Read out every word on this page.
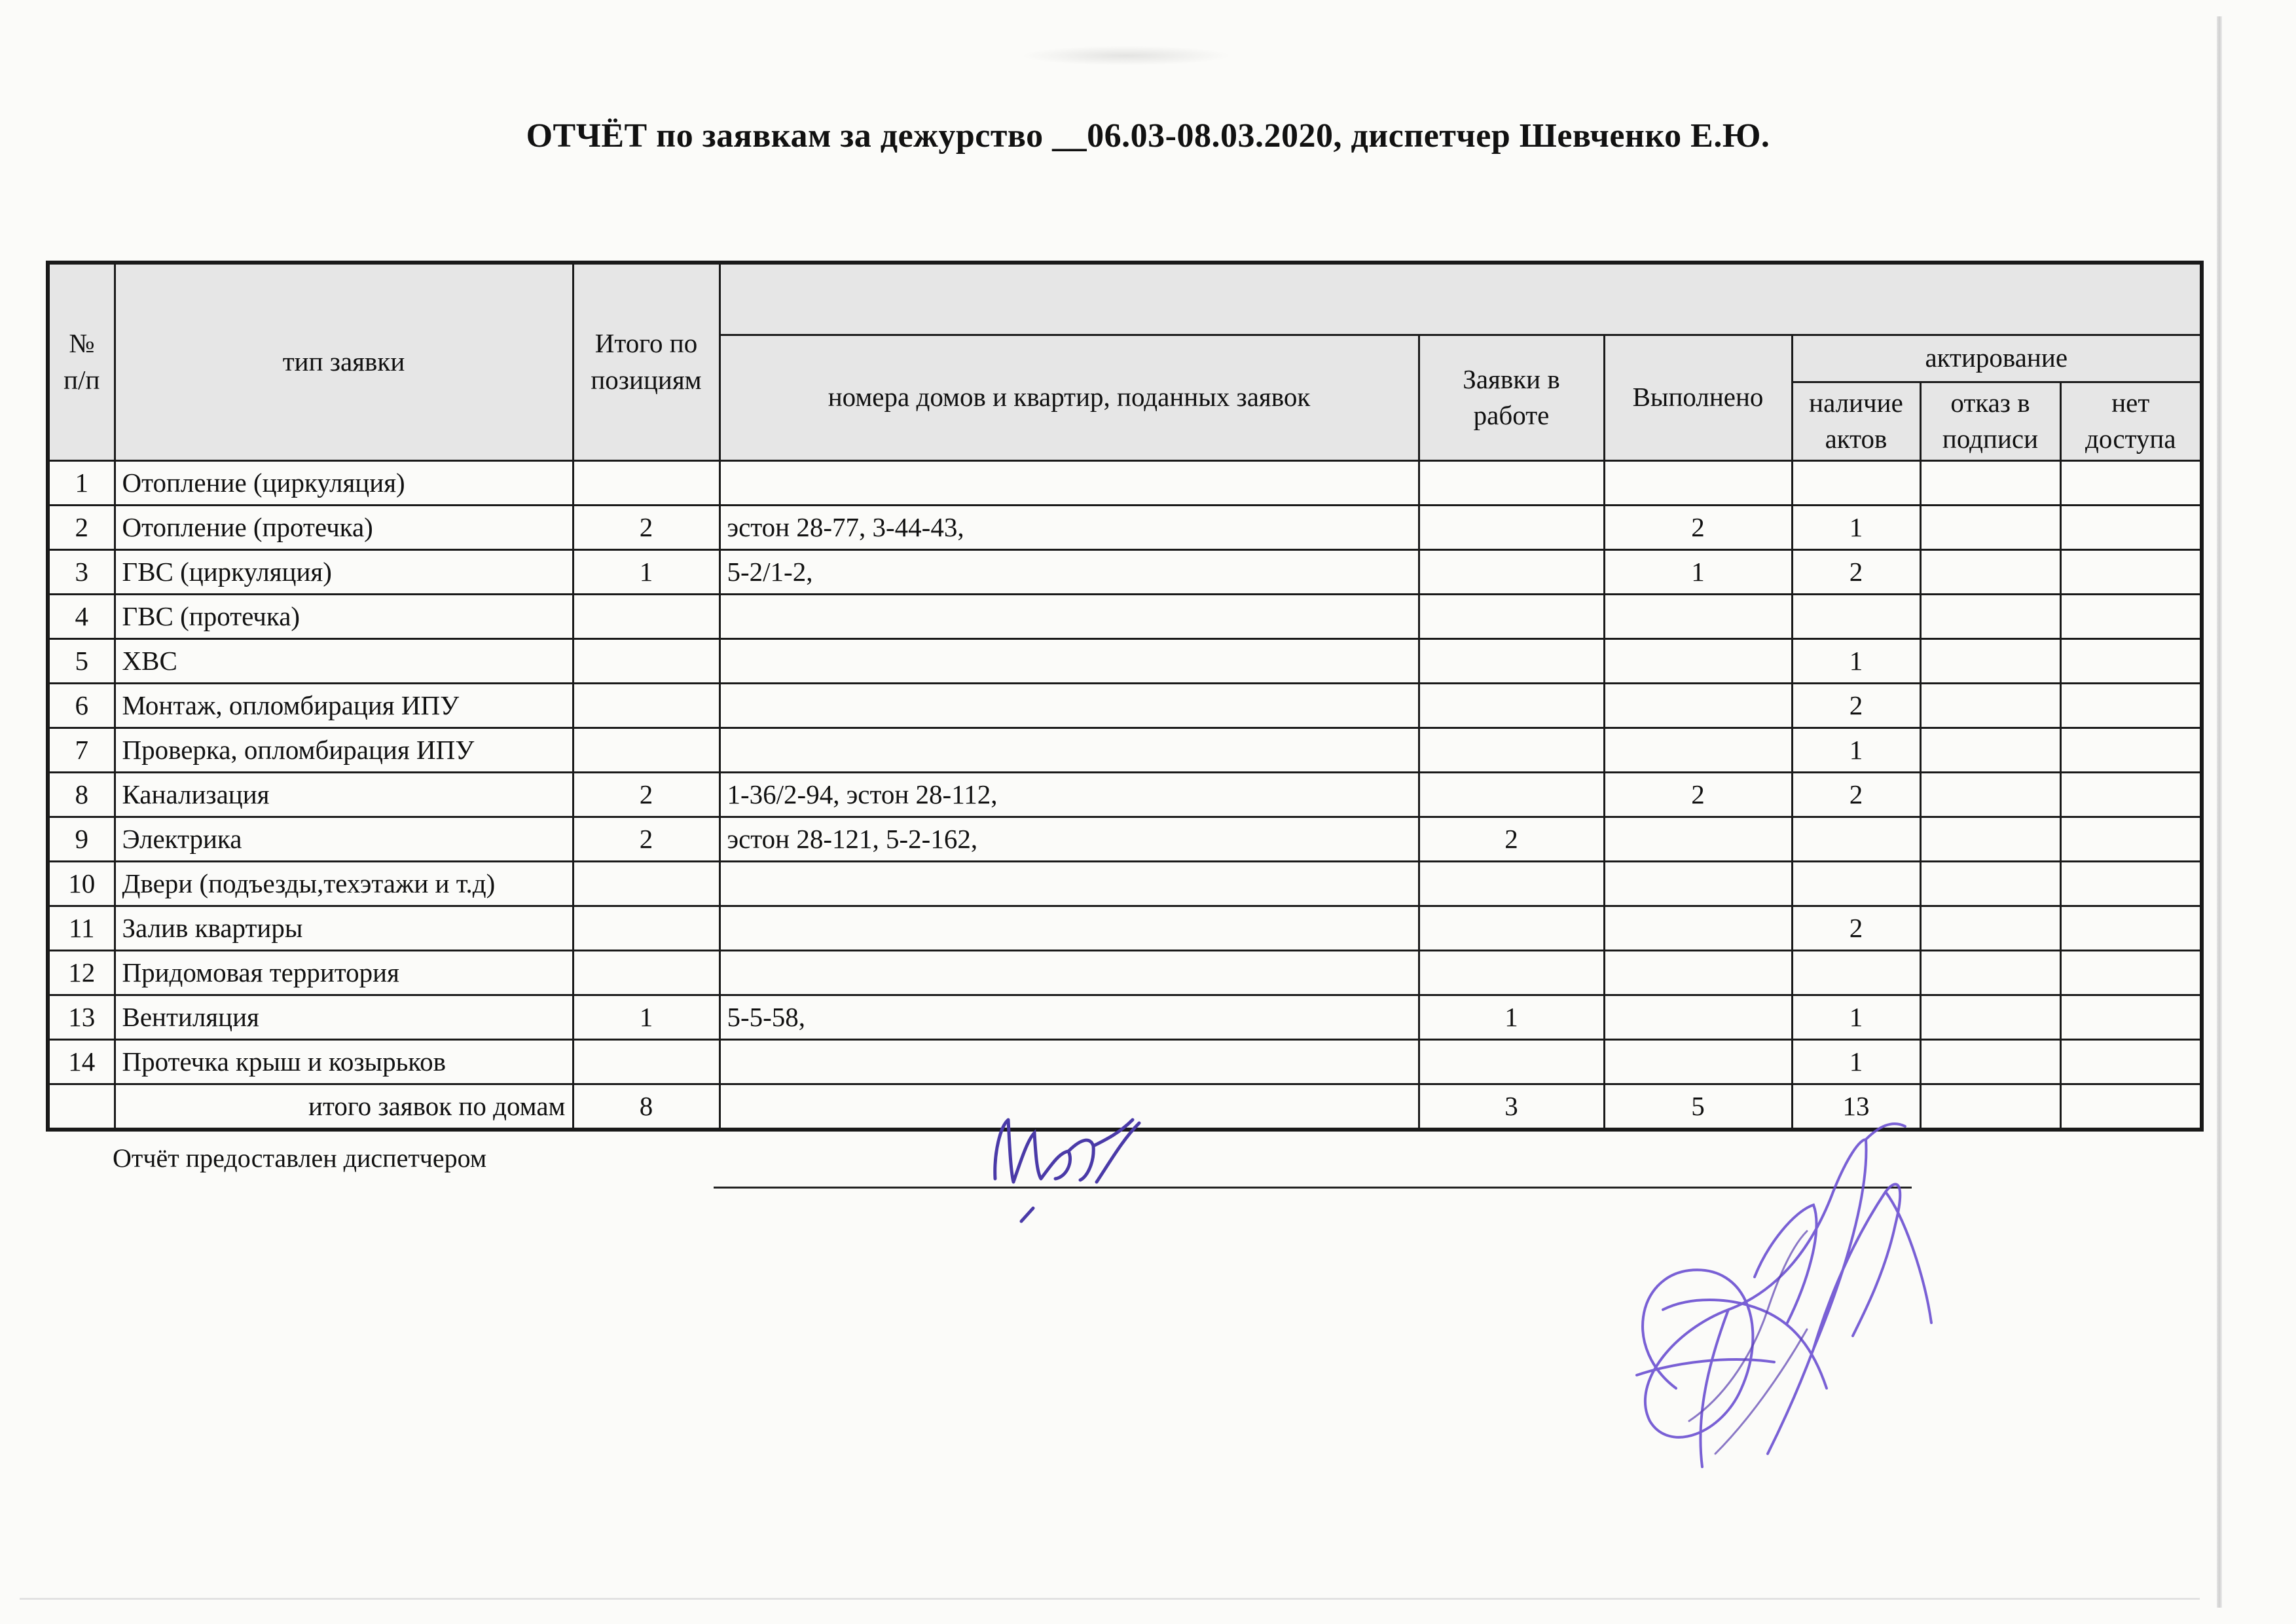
ОТЧЁТ по заявкам за дежурство __06.03-08.03.2020, диспетчер Шевченко Е.Ю.
№ п/п	тип заявки	Итого по позициям						
			номера домов и квартир, поданных заявок	Заявки в работе	Выполнено	актирование		
						наличие актов	отказ в подписи	нет доступа
1	Отопление (циркуляция)							
2	Отопление (протечка)	2	эстон 28-77, 3-44-43,		2	1		
3	ГВС (циркуляция)	1	5-2/1-2,		1	2		
4	ГВС (протечка)							
5	ХВС					1		
6	Монтаж, опломбирация ИПУ					2		
7	Проверка, опломбирация ИПУ					1		
8	Канализация	2	1-36/2-94, эстон 28-112,		2	2		
9	Электрика	2	эстон 28-121, 5-2-162,	2				
10	Двери (подъезды,техэтажи и т.д)							
11	Залив квартиры					2		
12	Придомовая территория							
13	Вентиляция	1	5-5-58,	1		1		
14	Протечка крыш и козырьков					1		
	итого заявок по домам	8		3	5	13		
Отчёт предоставлен диспетчером
